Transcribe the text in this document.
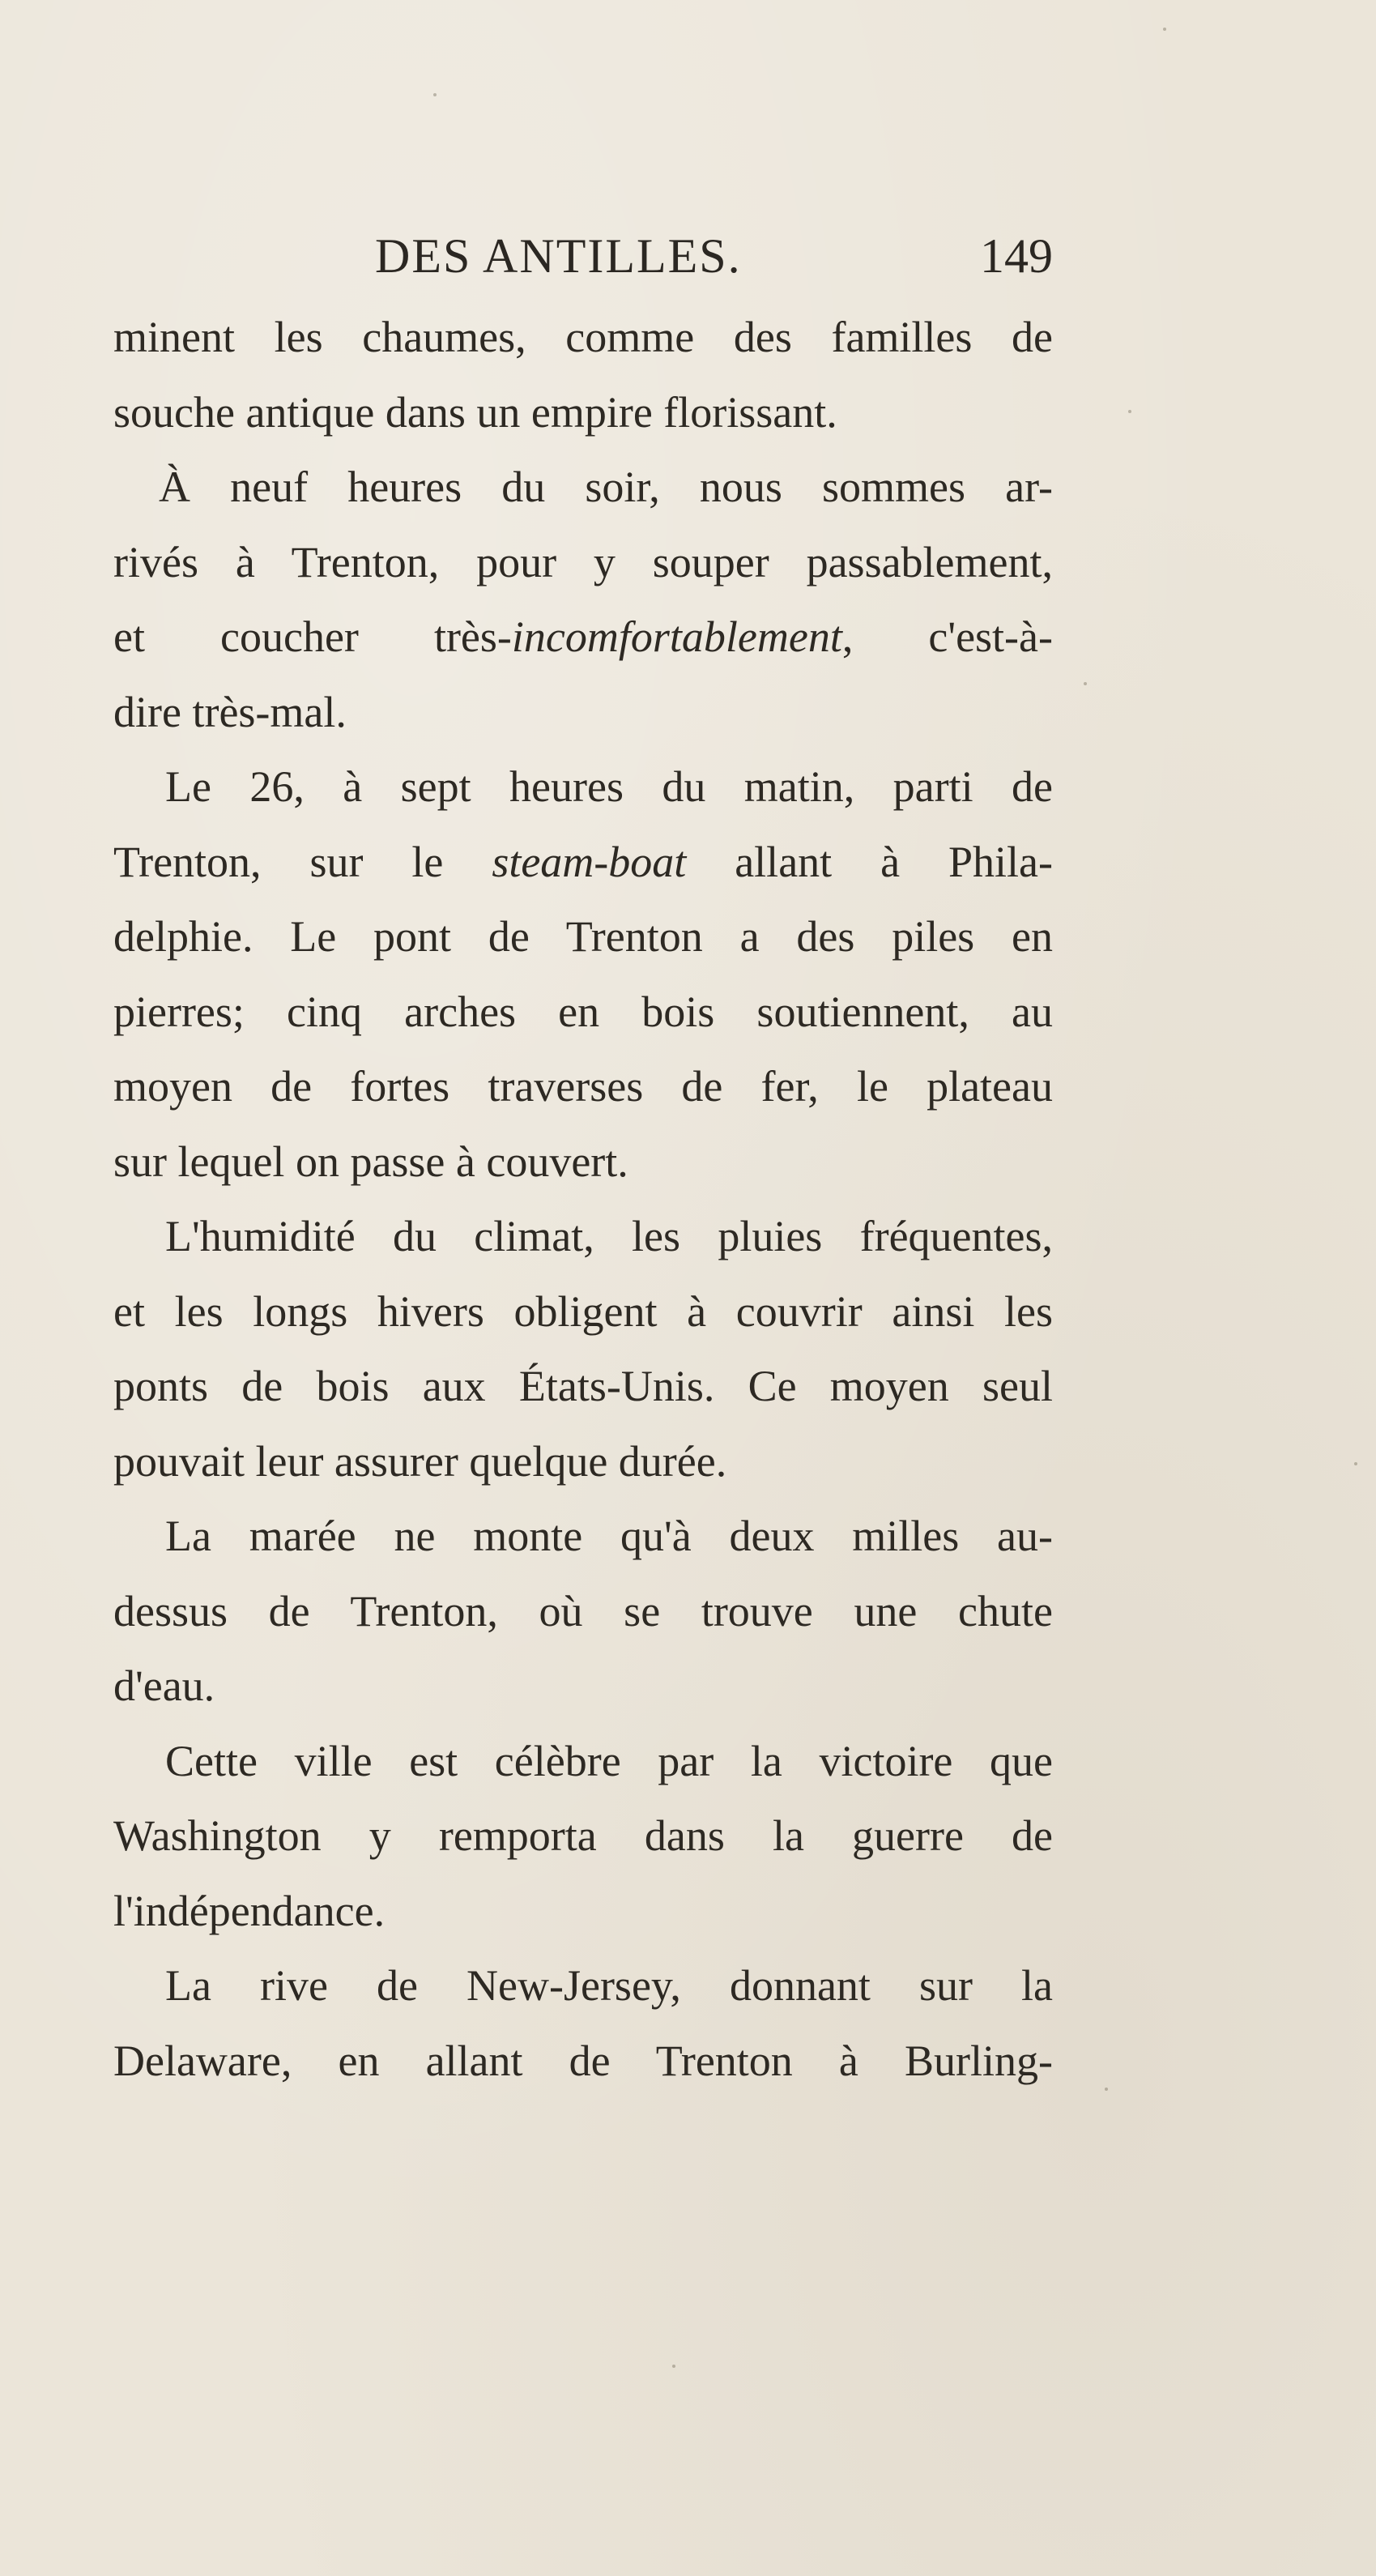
DES ANTILLES.	149
minent les chaumes, comme des familles de
souche antique dans un empire florissant.
À neuf heures du soir, nous sommes ar-
rivés à Trenton, pour y souper passablement,
et coucher très-incomfortablement, c'est-à-
dire très-mal.
Le 26, à sept heures du matin, parti de
Trenton, sur le steam-boat allant à Phila-
delphie. Le pont de Trenton a des piles en
pierres; cinq arches en bois soutiennent, au
moyen de fortes traverses de fer, le plateau
sur lequel on passe à couvert.
L'humidité du climat, les pluies fréquentes,
et les longs hivers obligent à couvrir ainsi les
ponts de bois aux États-Unis. Ce moyen seul
pouvait leur assurer quelque durée.
La marée ne monte qu'à deux milles au-
dessus de Trenton, où se trouve une chute
d'eau.
Cette ville est célèbre par la victoire que
Washington y remporta dans la guerre de
l'indépendance.
La rive de New-Jersey, donnant sur la
Delaware, en allant de Trenton à Burling-
